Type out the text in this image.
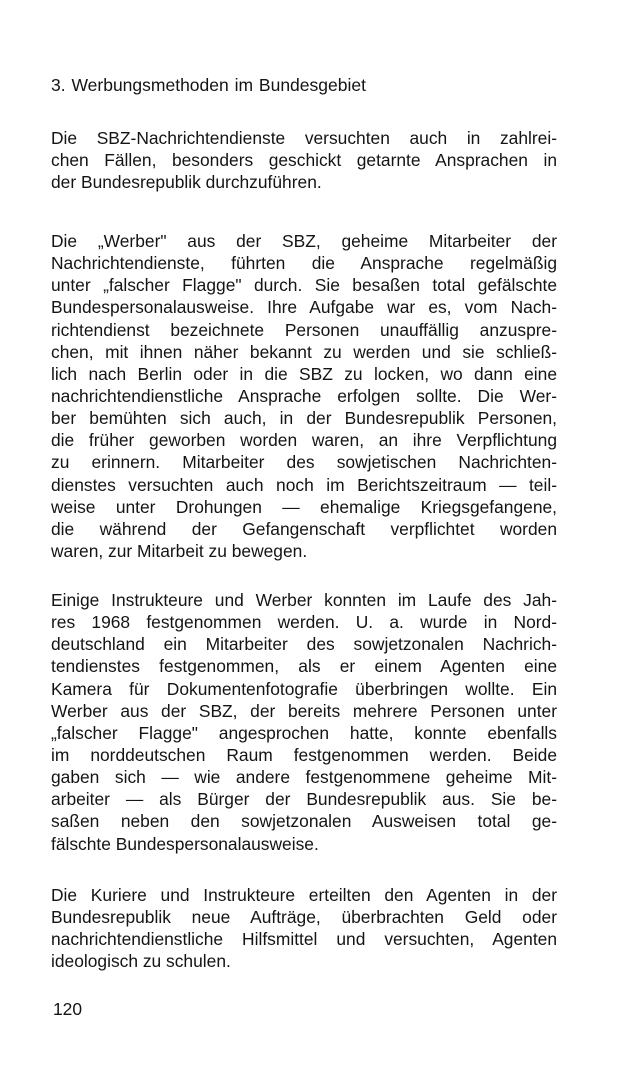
3. Werbungsmethoden im Bundesgebiet
Die SBZ-Nachrichtendienste versuchten auch in zahlrei-
chen Fällen, besonders geschickt getarnte Ansprachen in
der Bundesrepublik durchzuführen.
Die „Werber" aus der SBZ, geheime Mitarbeiter der
Nachrichtendienste, führten die Ansprache regelmäßig
unter „falscher Flagge" durch. Sie besaßen total gefälschte
Bundespersonalausweise. Ihre Aufgabe war es, vom Nach-
richtendienst bezeichnete Personen unauffällig anzuspre-
chen, mit ihnen näher bekannt zu werden und sie schließ-
lich nach Berlin oder in die SBZ zu locken, wo dann eine
nachrichtendienstliche Ansprache erfolgen sollte. Die Wer-
ber bemühten sich auch, in der Bundesrepublik Personen,
die früher geworben worden waren, an ihre Verpflichtung
zu erinnern. Mitarbeiter des sowjetischen Nachrichten-
dienstes versuchten auch noch im Berichtszeitraum — teil-
weise unter Drohungen — ehemalige Kriegsgefangene,
die während der Gefangenschaft verpflichtet worden
waren, zur Mitarbeit zu bewegen.
Einige Instrukteure und Werber konnten im Laufe des Jah-
res 1968 festgenommen werden. U. a. wurde in Nord-
deutschland ein Mitarbeiter des sowjetzonalen Nachrich-
tendienstes festgenommen, als er einem Agenten eine
Kamera für Dokumentenfotografie überbringen wollte. Ein
Werber aus der SBZ, der bereits mehrere Personen unter
„falscher Flagge" angesprochen hatte, konnte ebenfalls
im norddeutschen Raum festgenommen werden. Beide
gaben sich — wie andere festgenommene geheime Mit-
arbeiter — als Bürger der Bundesrepublik aus. Sie be-
saßen neben den sowjetzonalen Ausweisen total ge-
fälschte Bundespersonalausweise.
Die Kuriere und Instrukteure erteilten den Agenten in der
Bundesrepublik neue Aufträge, überbrachten Geld oder
nachrichtendienstliche Hilfsmittel und versuchten, Agenten
ideologisch zu schulen.
120
